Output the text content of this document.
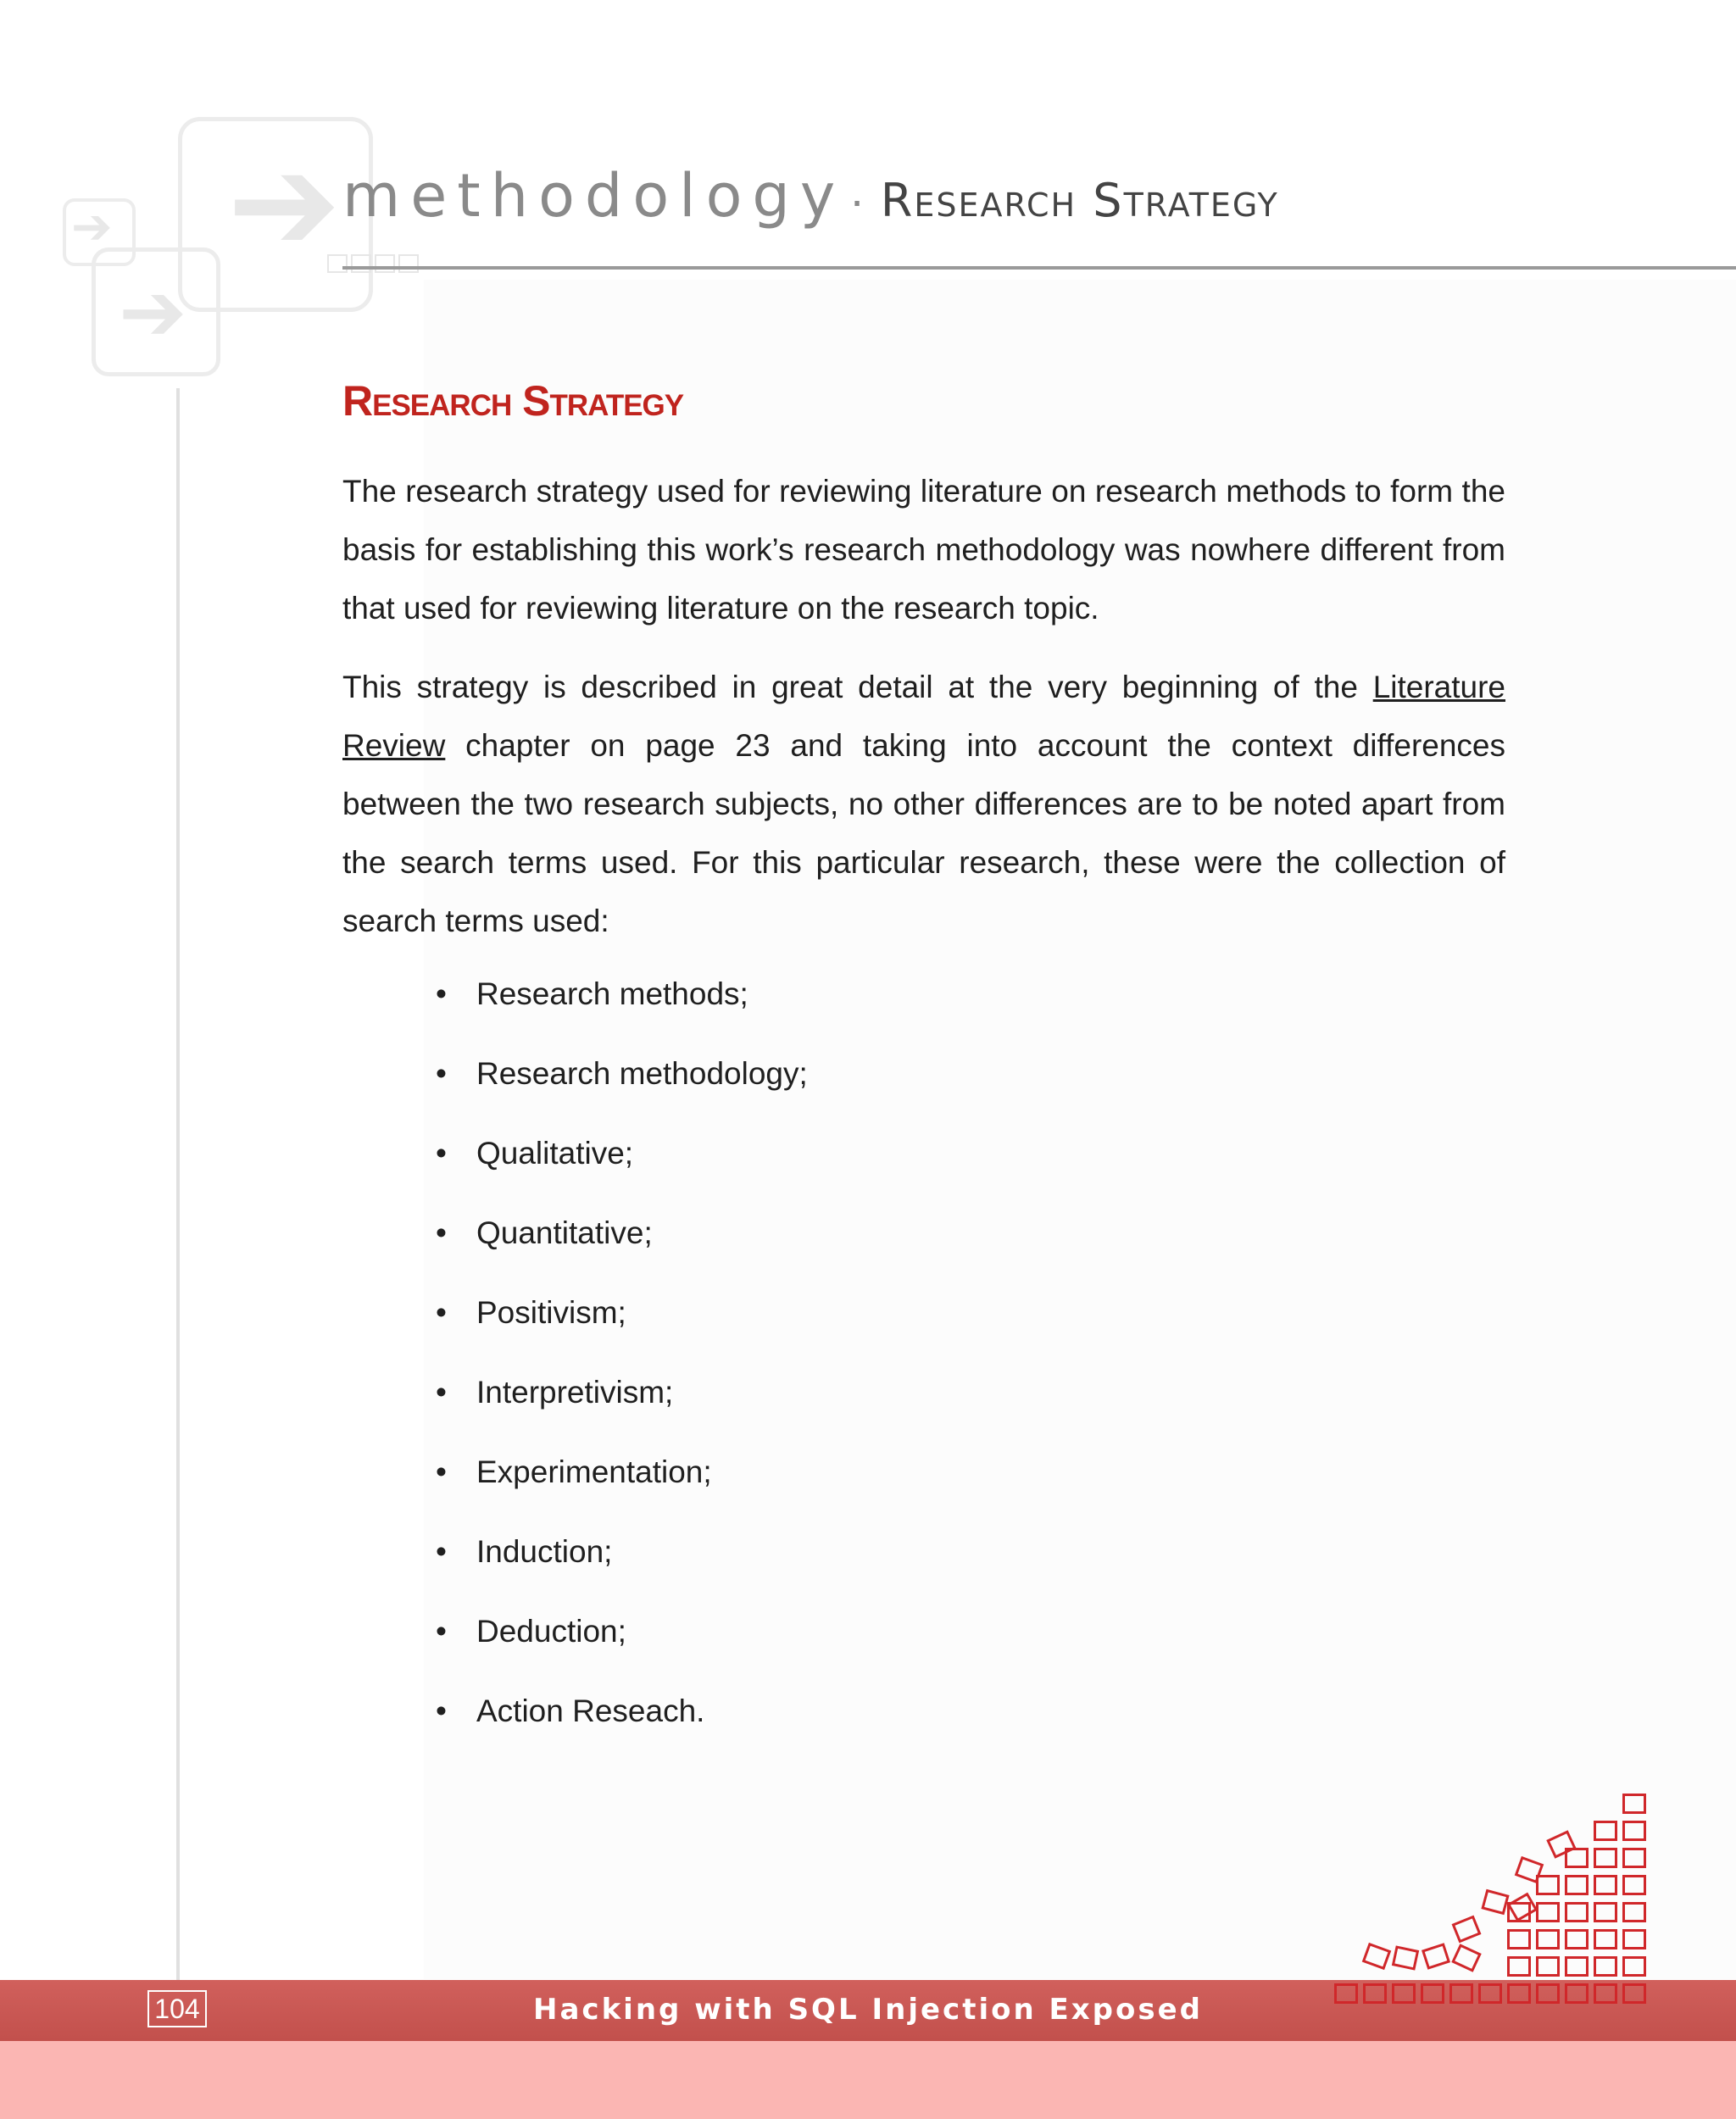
➔
➔
➔
methodology · Research Strategy
Research Strategy

The research strategy used for reviewing literature on research methods to form the basis for establishing this work’s research methodology was nowhere different from that used for reviewing literature on the research topic.

This strategy is described in great detail at the very beginning of the Literature Review chapter on page 23 and taking into account the context differences between the two research subjects, no other differences are to be noted apart from the search terms used. For this particular research, these were the collection of search terms used:

• Research methods;
• Research methodology;
• Qualitative;
• Quantitative;
• Positivism;
• Interpretivism;
• Experimentation;
• Induction;
• Deduction;
• Action Reseach.
104	Hacking with SQL Injection Exposed
